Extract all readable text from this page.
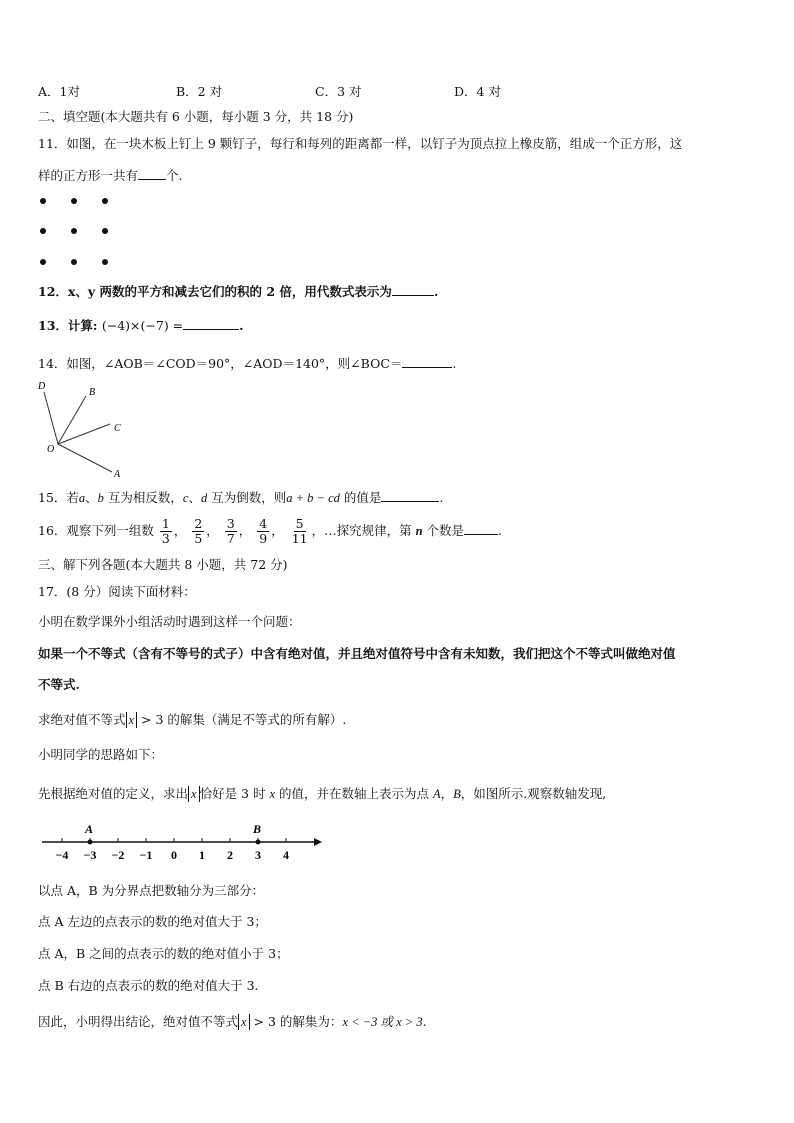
A．1对	B．2 对	C．3 对	D．4 对
二、填空题(本大题共有 6 小题，每小题 3 分，共 18 分)
11．如图，在一块木板上钉上 9 颗钉子，每行和每列的距离都一样，以钉子为顶点拉上橡皮筋，组成一个正方形，这
样的正方形一共有 个.
12．x、y 两数的平方和减去它们的积的 2 倍，用代数式表示为	.
13．计算: (−4)×(−7) =	.
14．如图，∠AOB＝∠COD＝90°，∠AOD＝140°，则∠BOC＝	.
D
B
C
O
A
15．若a、b 互为相反数，c、d 互为倒数，则a + b − cd 的值是	.
16．观察下列一组数 $\frac{1}{3}$ ， $\frac{2}{5}$ ， $\frac{3}{7}$ ， $\frac{4}{9}$ ， $\frac{5}{11}$ ，…探究规律，第 n 个数是	.
三、解下列各题(本大题共 8 小题，共 72 分)
17．(8 分）阅读下面材料：
小明在数学课外小组活动时遇到这样一个问题：
如果一个不等式（含有不等号的式子）中含有绝对值，并且绝对值符号中含有未知数，我们把这个不等式叫做绝对值
不等式.
求绝对值不等式 x > 3 的解集（满足不等式的所有解）.
小明同学的思路如下：
先根据绝对值的定义，求出 x 恰好是 3 时 x 的值，并在数轴上表示为点 A，B，如图所示.观察数轴发现,
−4 −3 −2 −1 0 1 2 3 4
A	B
以点 A，B 为分界点把数轴分为三部分：
点 A 左边的点表示的数的绝对值大于 3；
点 A，B 之间的点表示的数的绝对值小于 3；
点 B 右边的点表示的数的绝对值大于 3.
因此，小明得出结论，绝对值不等式 x > 3 的解集为：x < −3 或 x > 3.
